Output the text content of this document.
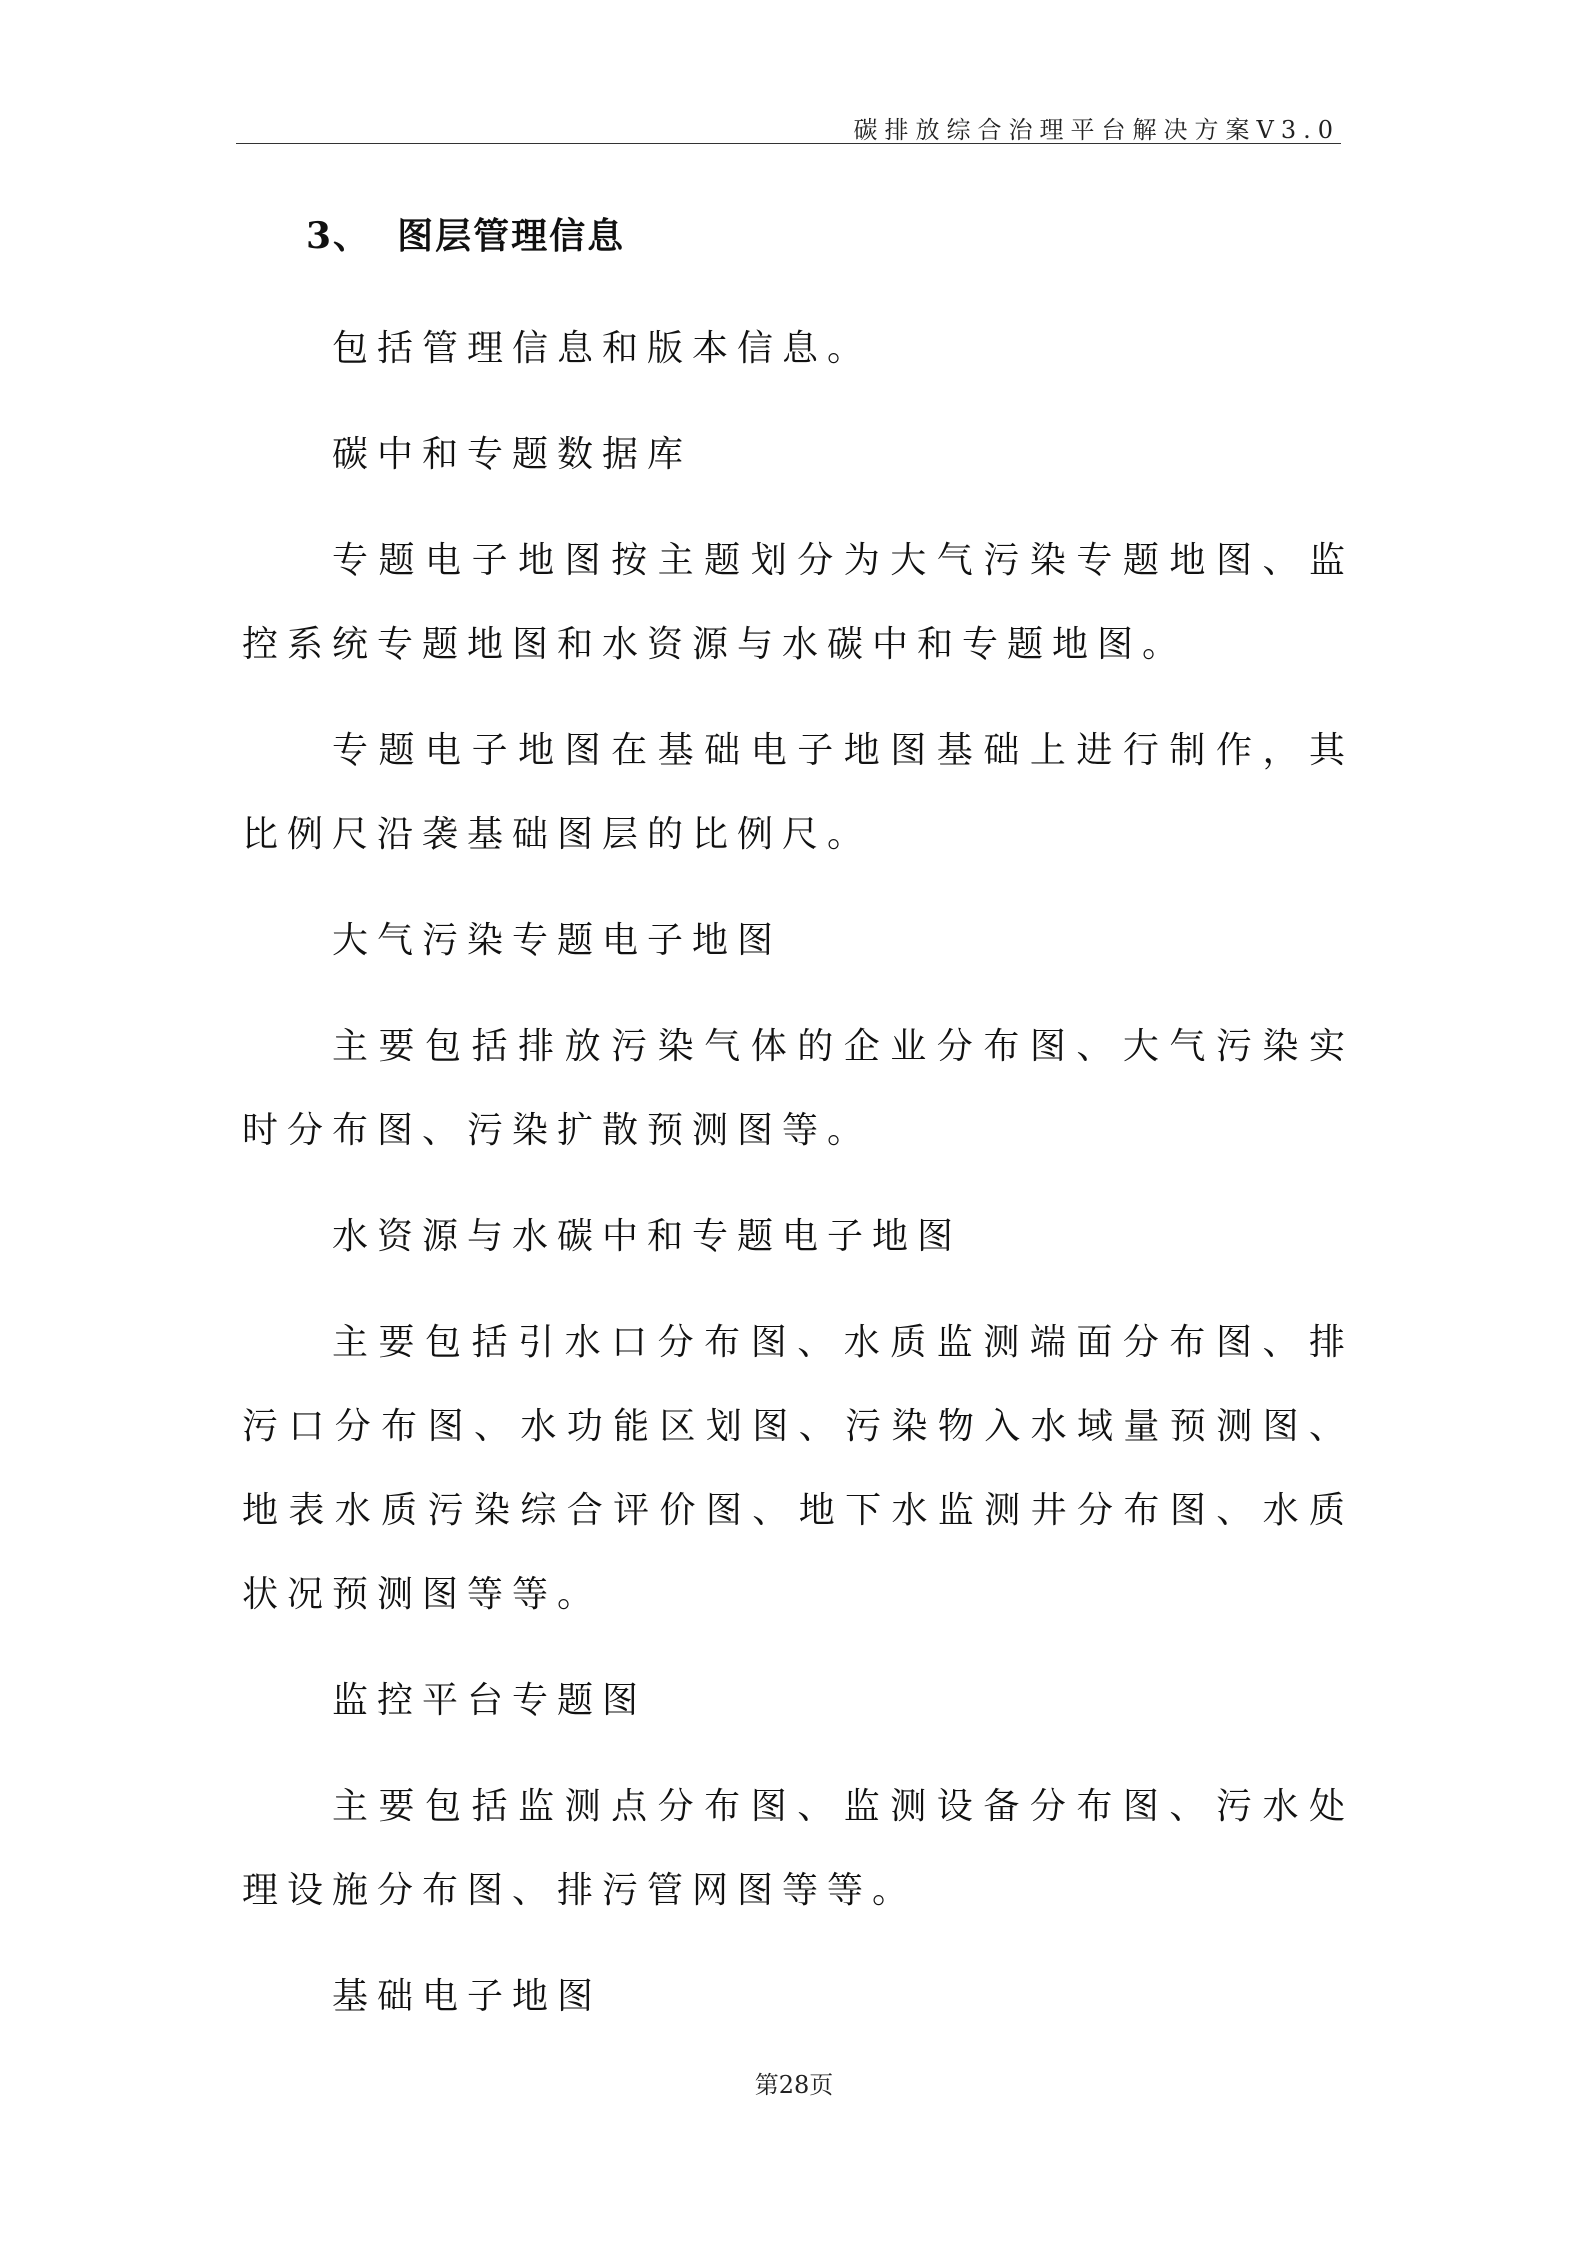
碳排放综合治理平台解决方案V3.0
3、 图层管理信息

包括管理信息和版本信息。

碳中和专题数据库

专题电子地图按主题划分为大气污染专题地图、监控系统专题地图和水资源与水碳中和专题地图。

专题电子地图在基础电子地图基础上进行制作，其比例尺沿袭基础图层的比例尺。

大气污染专题电子地图

主要包括排放污染气体的企业分布图、大气污染实时分布图、污染扩散预测图等。

水资源与水碳中和专题电子地图

主要包括引水口分布图、水质监测端面分布图、排污口分布图、水功能区划图、污染物入水域量预测图、地表水质污染综合评价图、地下水监测井分布图、水质状况预测图等等。

监控平台专题图

主要包括监测点分布图、监测设备分布图、污水处理设施分布图、排污管网图等等。

基础电子地图

第28页
